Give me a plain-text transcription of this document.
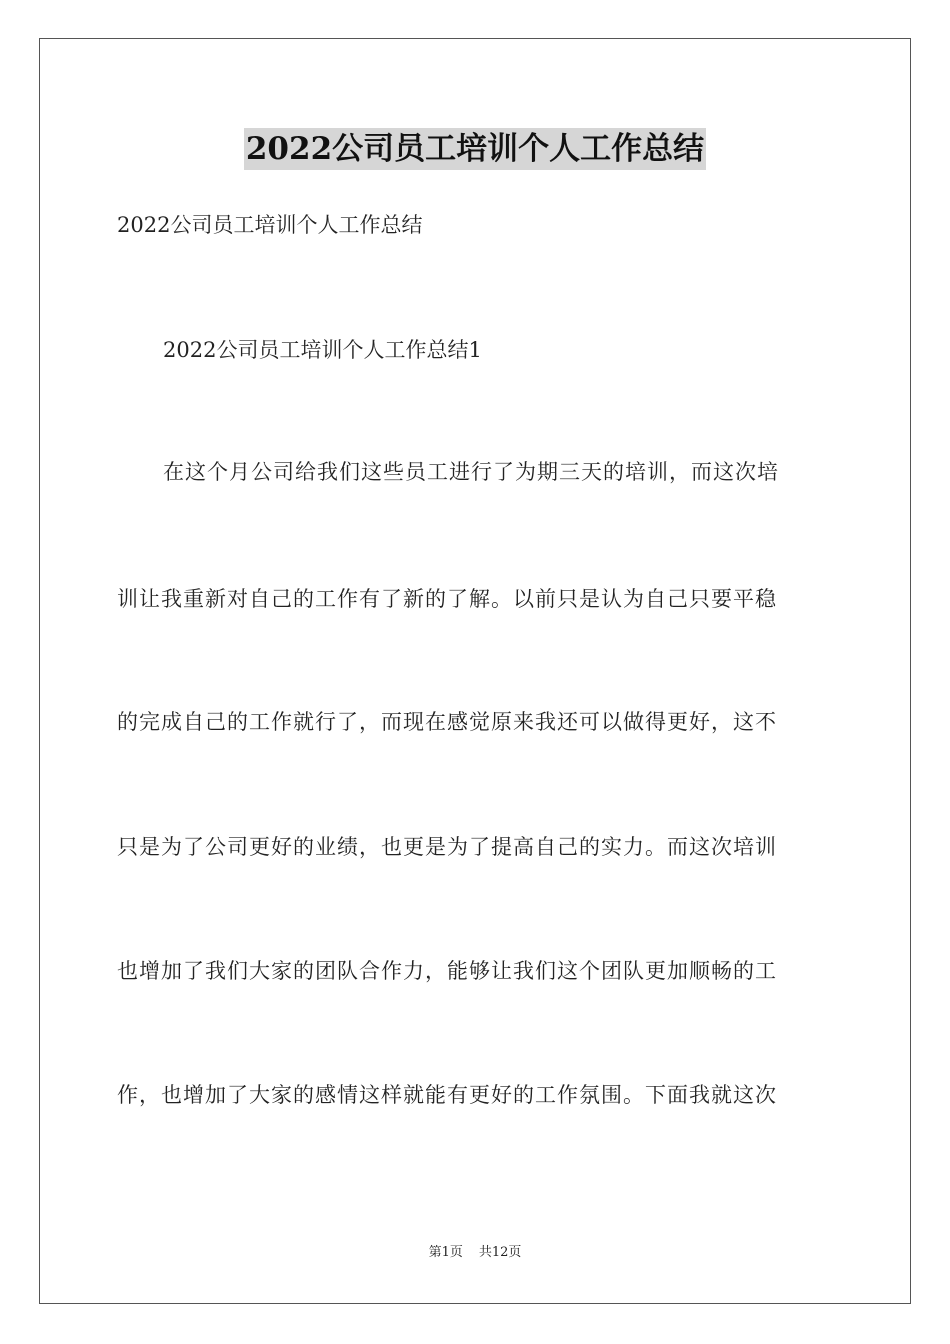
2022公司员工培训个人工作总结
2022公司员工培训个人工作总结
2022公司员工培训个人工作总结1
在这个月公司给我们这些员工进行了为期三天的培训，而这次培
训让我重新对自己的工作有了新的了解。以前只是认为自己只要平稳
的完成自己的工作就行了，而现在感觉原来我还可以做得更好，这不
只是为了公司更好的业绩，也更是为了提高自己的实力。而这次培训
也增加了我们大家的团队合作力，能够让我们这个团队更加顺畅的工
作，也增加了大家的感情这样就能有更好的工作氛围。下面我就这次
第1页 共12页
